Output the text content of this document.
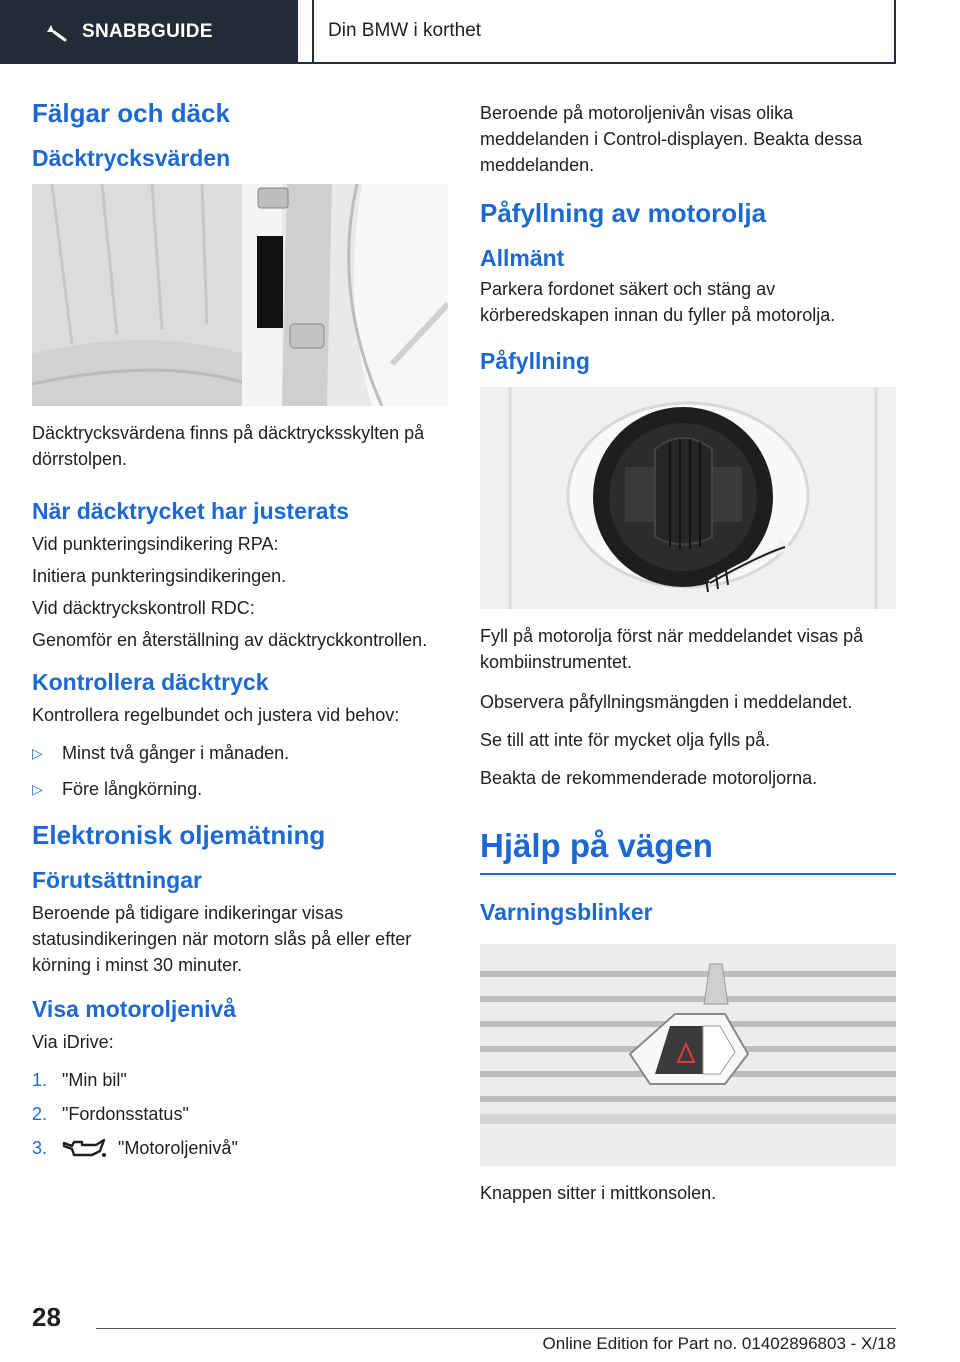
SNABBGUIDE	Din BMW i korthet
Fälgar och däck
Däcktrycksvärden

Däcktrycksvärdena finns på däcktrycksskylten på dörrstolpen.

När däcktrycket har justerats

Vid punkteringsindikering RPA:

Initiera punkteringsindikeringen.

Vid däcktryckskontroll RDC:

Genomför en återställning av däcktryckkontrollen.

Kontrollera däcktryck

Kontrollera regelbundet och justera vid behov:

▷ Minst två gånger i månaden.
▷ Före långkörning.
Elektronisk oljemätning
Förutsättningar

Beroende på tidigare indikeringar visas statusindikeringen när motorn slås på eller efter körning i minst 30 minuter.

Visa motoroljenivå

Via iDrive:

1. "Min bil"
2. "Fordonsstatus"
3.	"Motoroljenivå"

Beroende på motoroljenivån visas olika meddelanden i Control-displayen. Beakta dessa meddelanden.

Påfyllning av motorolja
Allmänt

Parkera fordonet säkert och stäng av körberedskapen innan du fyller på motorolja.

Påfyllning

Fyll på motorolja först när meddelandet visas på kombiinstrumentet.

Observera påfyllningsmängden i meddelandet.

Se till att inte för mycket olja fylls på.

Beakta de rekommenderade motoroljorna.

Hjälp på vägen
Varningsblinker

Knappen sitter i mittkonsolen.

28
Online Edition for Part no. 01402896803 - X/18
